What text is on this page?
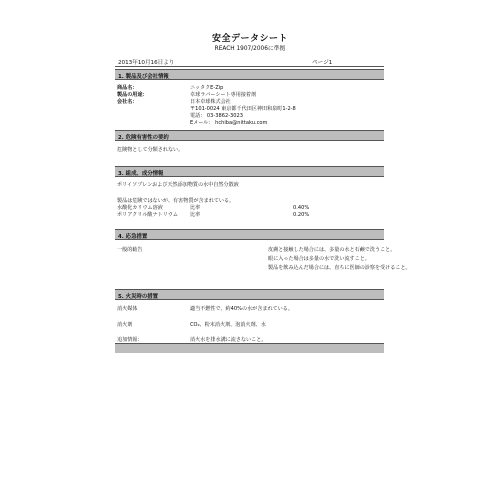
安全データシート
REACH 1907/2006に準拠
2013年10月16日より	ページ1
1. 製品及び会社情報
商品名：	ニッタクE-Zip
製品の用途：	卓球ラバーシート専用接着剤
会社名：	日本卓球株式会社
〒101-0024 東京都千代田区神田和泉町1-2-8
電話： 03-3862-3023
Eメール： hchiba@nittaku.com
2. 危険有害性の要約
危険物として分類されない。
3. 組成、成分情報
ポリイソプレンおよび天然添加物質の水中自然分散液
製品は危険ではないが、有害物質が含まれている。
水酸化カリウム溶液	比率	0.40%
ポリアクリル酸ナトリウム 比率	0.20%
4. 応急措置
一般的勧告	皮膚と接触した場合には、多量の水と石鹸で洗うこと。
眼に入った場合は多量の水で洗い流すこと。
製品を飲み込んだ場合には、直ちに医師の診察を受けること。
5. 火災時の措置
消火媒体	適当不燃性で、約40%の水が含まれている。
消火剤	CO₂、粉末消火剤、泡消火剤、水
追加情報：	消火水を排水溝に流さないこと。
